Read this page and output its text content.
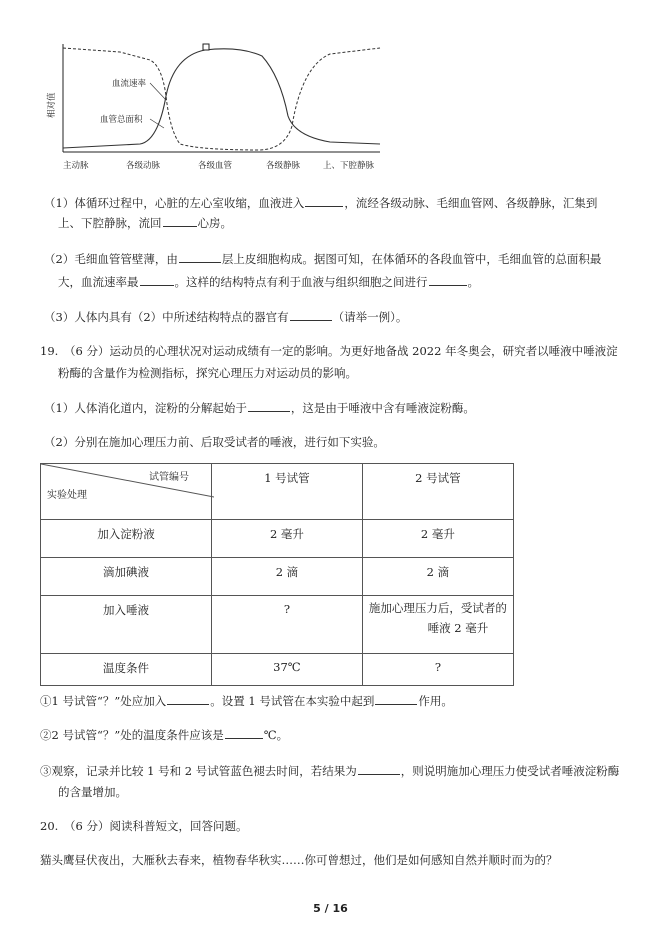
相对值
血流速率
血管总面积
主动脉	各级动脉	各级血管	各级静脉	上、下腔静脉
（1）体循环过程中，心脏的左心室收缩，血液进入	，流经各级动脉、毛细血管网、各级静脉，汇集到
上、下腔静脉，流回	心房。
（2）毛细血管管壁薄，由	层上皮细胞构成。据图可知，在体循环的各段血管中，毛细血管的总面积最
大，血流速率最	。这样的结构特点有利于血液与组织细胞之间进行	。
（3）人体内具有（2）中所述结构特点的器官有	（请举一例）。
19.　（6 分）运动员的心理状况对运动成绩有一定的影响。为更好地备战 2022 年冬奥会，研究者以唾液中唾液淀
粉酶的含量作为检测指标，探究心理压力对运动员的影响。
（1）人体消化道内，淀粉的分解起始于	，这是由于唾液中含有唾液淀粉酶。
（2）分别在施加心理压力前、后取受试者的唾液，进行如下实验。
试管编号
实验处理	1 号试管	2 号试管
加入淀粉液	2 毫升	2 毫升
滴加碘液	2 滴	2 滴
加入唾液	?	施加心理压力后，受试者的
唾液 2 毫升

温度条件	37℃	?
①1 号试管“？”处应加入	。设置 1 号试管在本实验中起到	作用。
②2 号试管“？”处的温度条件应该是	℃。
③观察，记录并比较 1 号和 2 号试管蓝色褪去时间，若结果为	，则说明施加心理压力使受试者唾液淀粉酶
的含量增加。
20.　（6 分）阅读科普短文，回答问题。
猫头鹰昼伏夜出，大雁秋去春来，植物春华秋实……你可曾想过，他们是如何感知自然并顺时而为的？
5 / 16
